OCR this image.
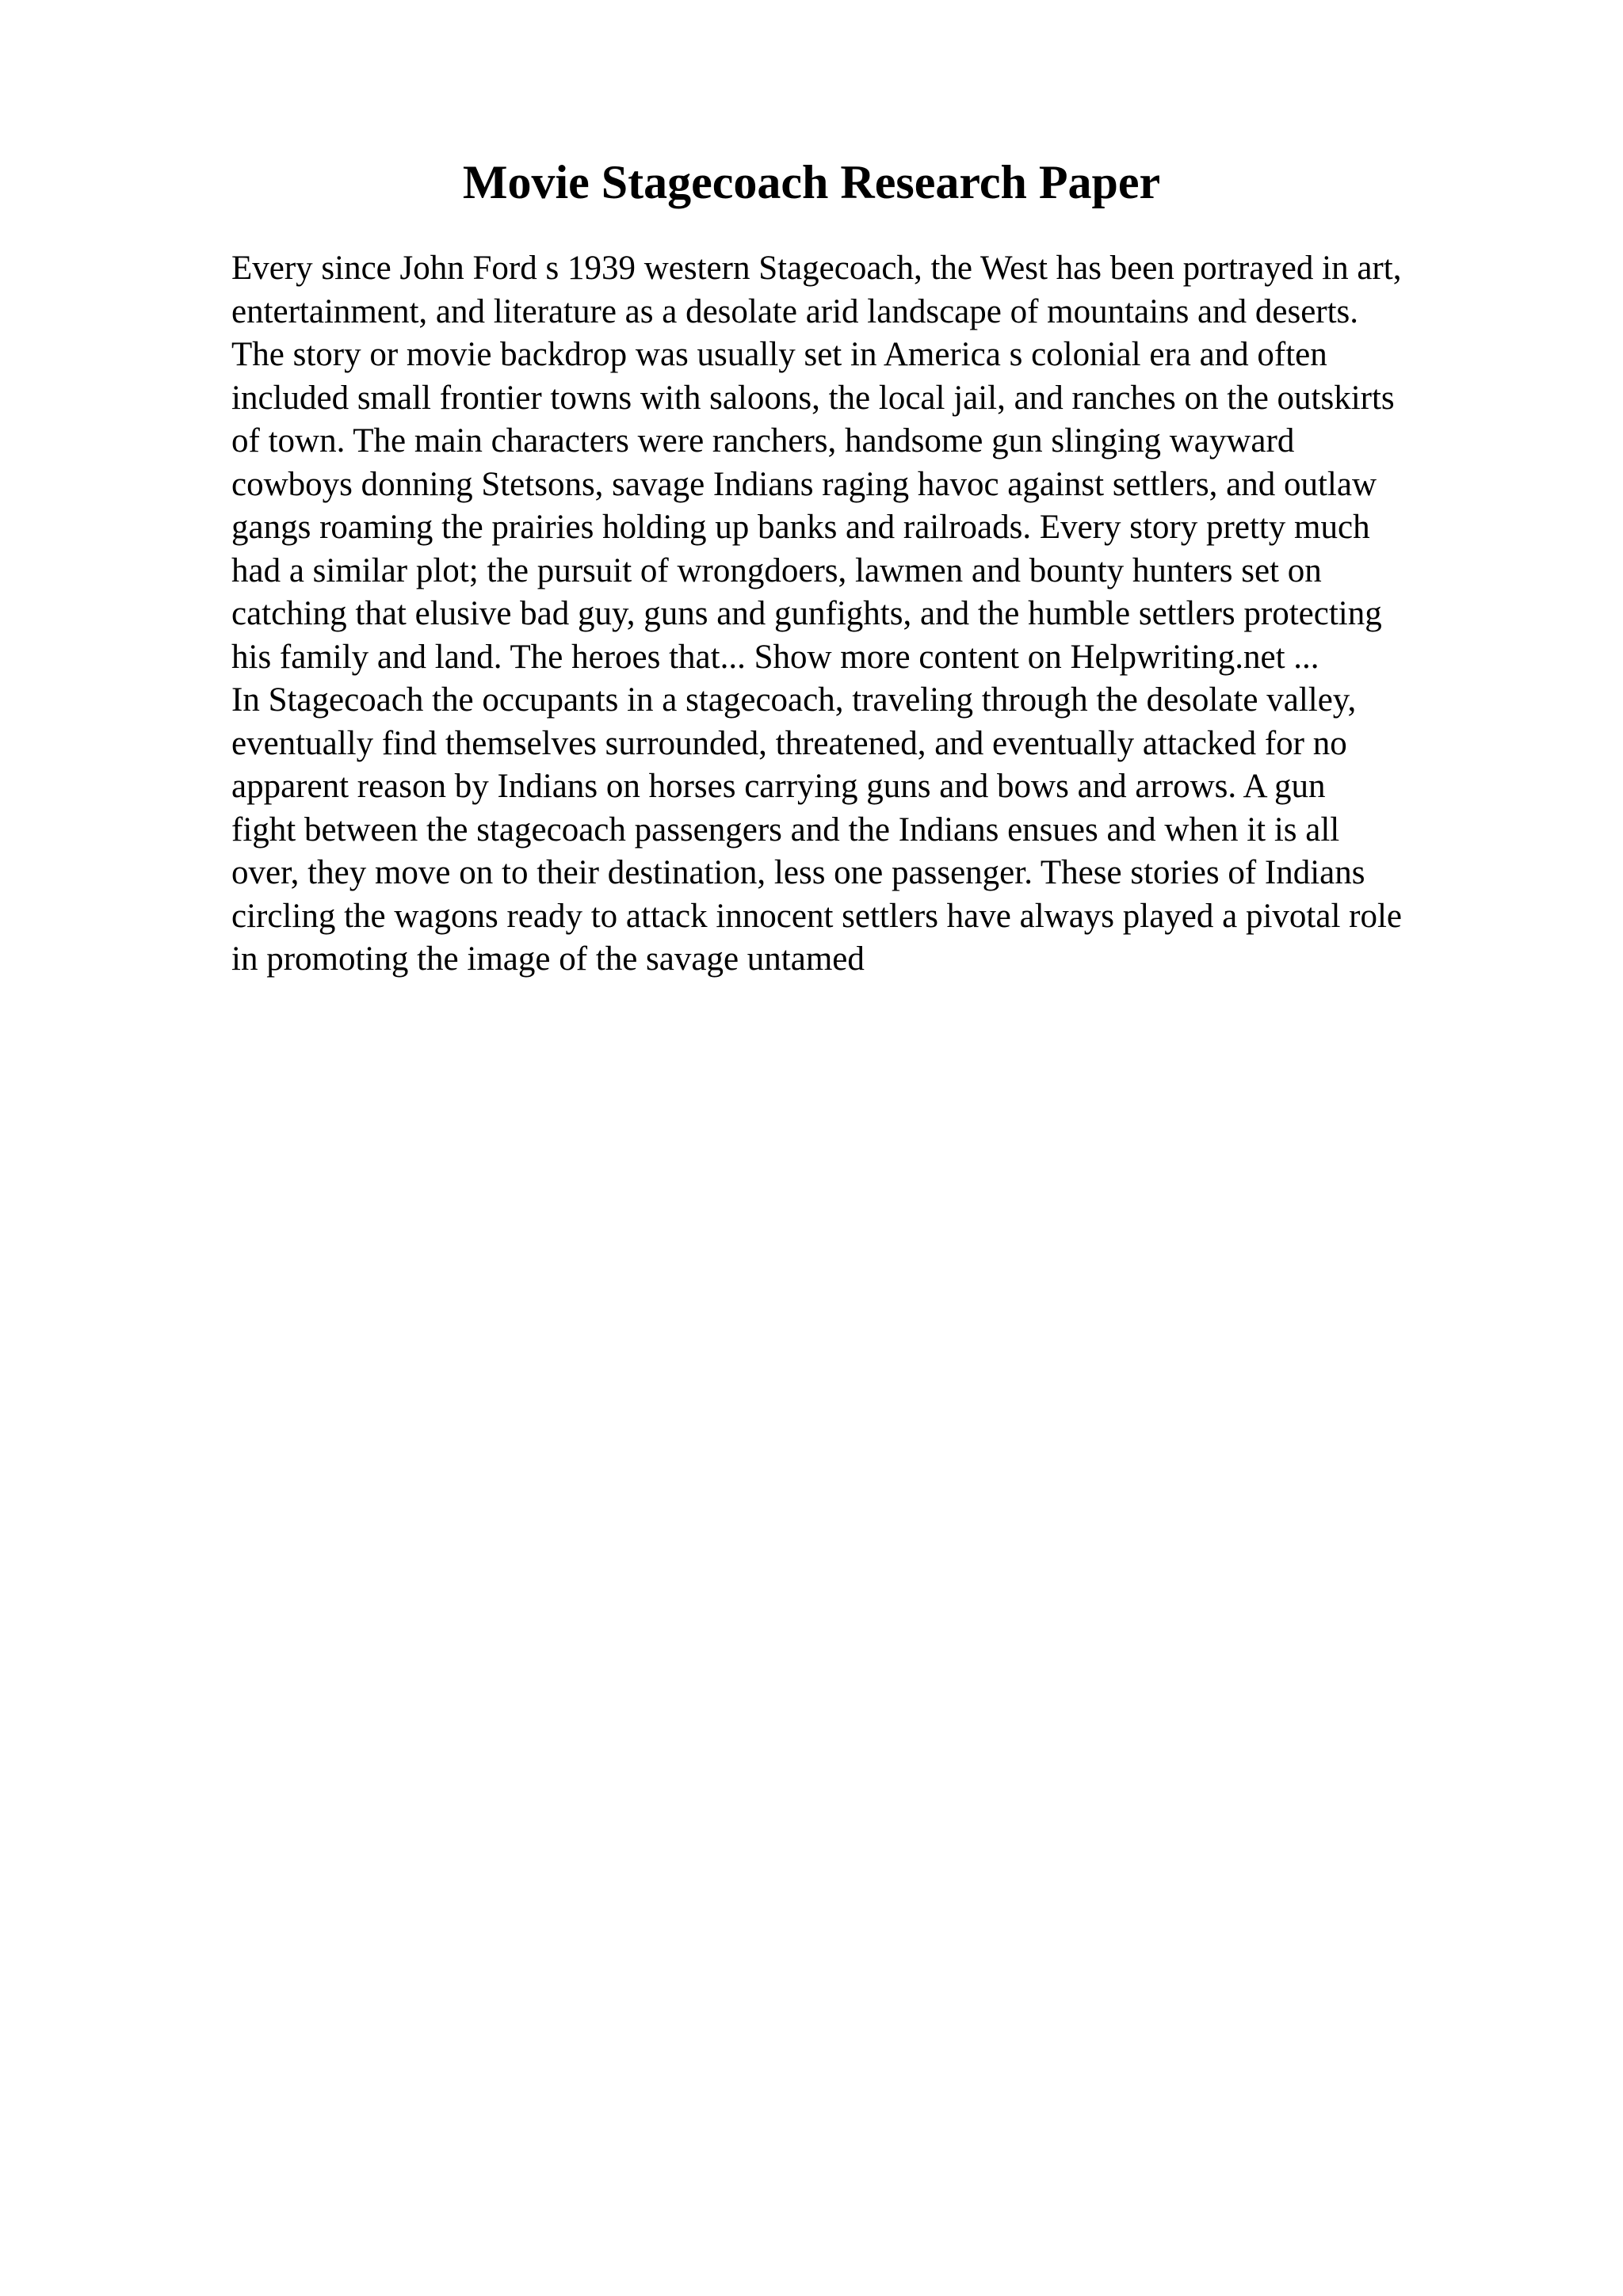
Movie Stagecoach Research Paper
Every since John Ford s 1939 western Stagecoach, the West has been portrayed in art,
entertainment, and literature as a desolate arid landscape of mountains and deserts.
The story or movie backdrop was usually set in America s colonial era and often
included small frontier towns with saloons, the local jail, and ranches on the outskirts
of town. The main characters were ranchers, handsome gun slinging wayward
cowboys donning Stetsons, savage Indians raging havoc against settlers, and outlaw
gangs roaming the prairies holding up banks and railroads. Every story pretty much
had a similar plot; the pursuit of wrongdoers, lawmen and bounty hunters set on
catching that elusive bad guy, guns and gunfights, and the humble settlers protecting
his family and land. The heroes that... Show more content on Helpwriting.net ...
In Stagecoach the occupants in a stagecoach, traveling through the desolate valley,
eventually find themselves surrounded, threatened, and eventually attacked for no
apparent reason by Indians on horses carrying guns and bows and arrows. A gun
fight between the stagecoach passengers and the Indians ensues and when it is all
over, they move on to their destination, less one passenger. These stories of Indians
circling the wagons ready to attack innocent settlers have always played a pivotal role
in promoting the image of the savage untamed
